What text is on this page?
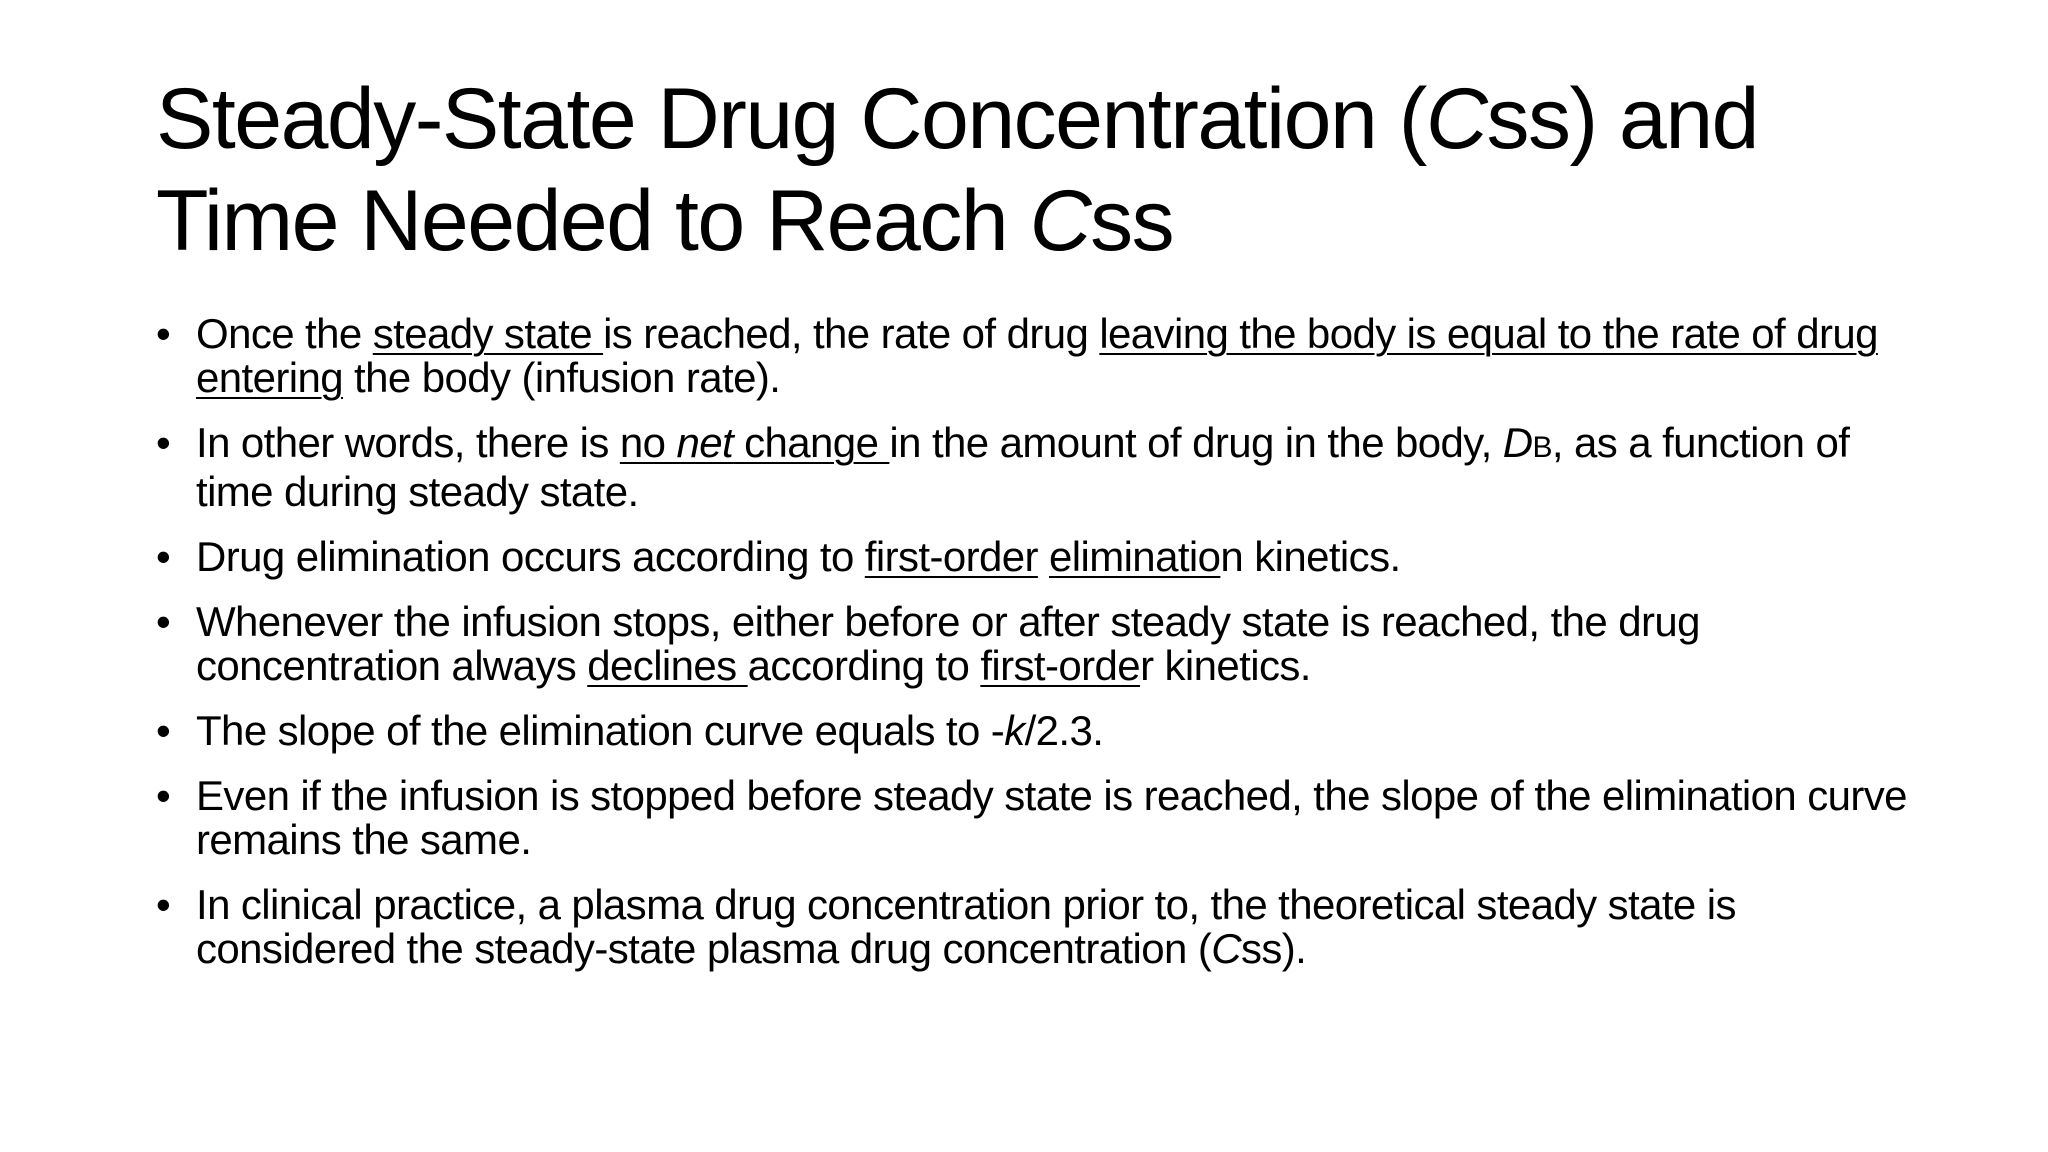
Steady-State Drug Concentration (Css) and
Time Needed to Reach Css
• Once the steady state is reached, the rate of drug leaving the body is equal to the rate of drug entering the body (infusion rate).
• In other words, there is no net change in the amount of drug in the body, DB, as a function of time during steady state.
• Drug elimination occurs according to first-order elimination kinetics.
• Whenever the infusion stops, either before or after steady state is reached, the drug concentration always declines according to first-order kinetics.
• The slope of the elimination curve equals to -k/2.3.
• Even if the infusion is stopped before steady state is reached, the slope of the elimination curve remains the same.
• In clinical practice, a plasma drug concentration prior to, the theoretical steady state is considered the steady-state plasma drug concentration (Css).
